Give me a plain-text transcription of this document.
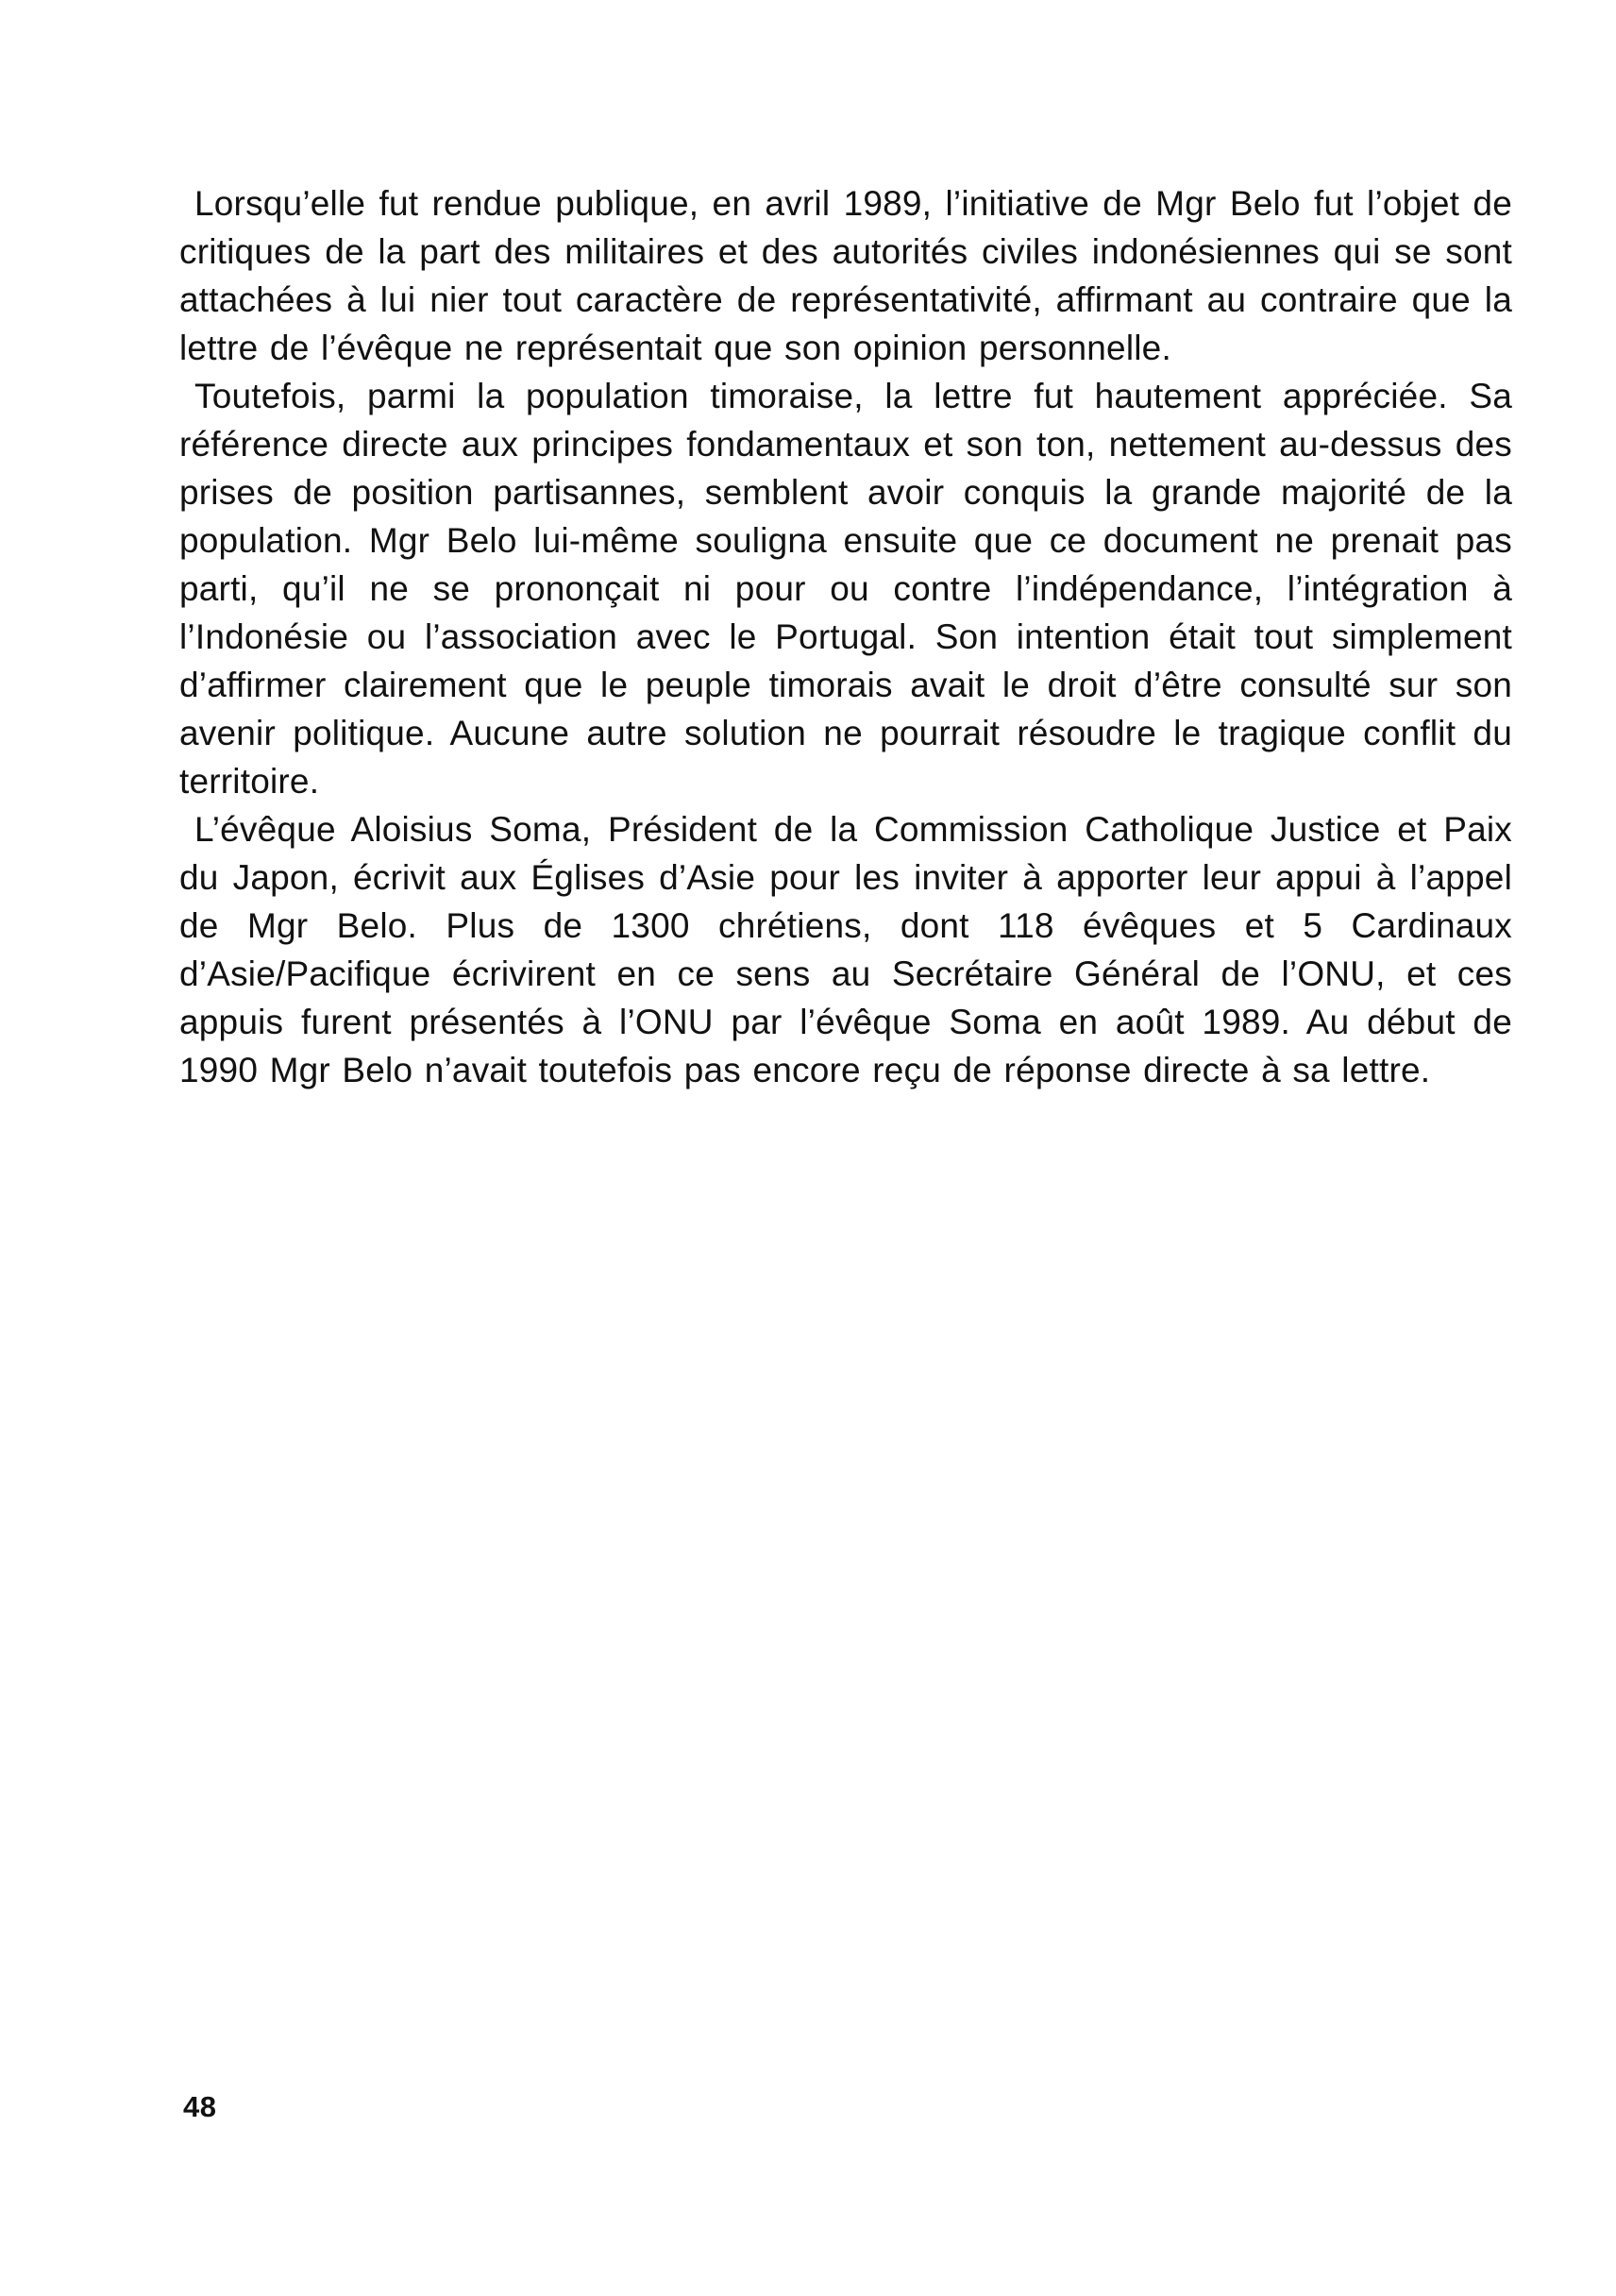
Lorsqu’elle fut rendue publique, en avril 1989, l’initiative de Mgr Belo fut l’objet de critiques de la part des militaires et des autorités civiles indonésiennes qui se sont attachées à lui nier tout caractère de représentativité, affirmant au contraire que la lettre de l’évêque ne représentait que son opinion personnelle.

Toutefois, parmi la population timoraise, la lettre fut hautement appréciée. Sa référence directe aux principes fondamentaux et son ton, nettement au-dessus des prises de position partisannes, semblent avoir conquis la grande majorité de la population. Mgr Belo lui-même souligna ensuite que ce document ne prenait pas parti, qu’il ne se prononçait ni pour ou contre l’indépendance, l’intégration à l’Indonésie ou l’association avec le Portugal. Son intention était tout simplement d’affirmer clairement que le peuple timorais avait le droit d’être consulté sur son avenir politique. Aucune autre solution ne pourrait résoudre le tragique conflit du territoire.

L’évêque Aloisius Soma, Président de la Commission Catholique Justice et Paix du Japon, écrivit aux Églises d’Asie pour les inviter à apporter leur appui à l’appel de Mgr Belo. Plus de 1300 chrétiens, dont 118 évêques et 5 Cardinaux d’Asie/Pacifique écrivirent en ce sens au Secrétaire Général de l’ONU, et ces appuis furent présentés à l’ONU par l’évêque Soma en août 1989. Au début de 1990 Mgr Belo n’avait toutefois pas encore reçu de réponse directe à sa lettre.

48
